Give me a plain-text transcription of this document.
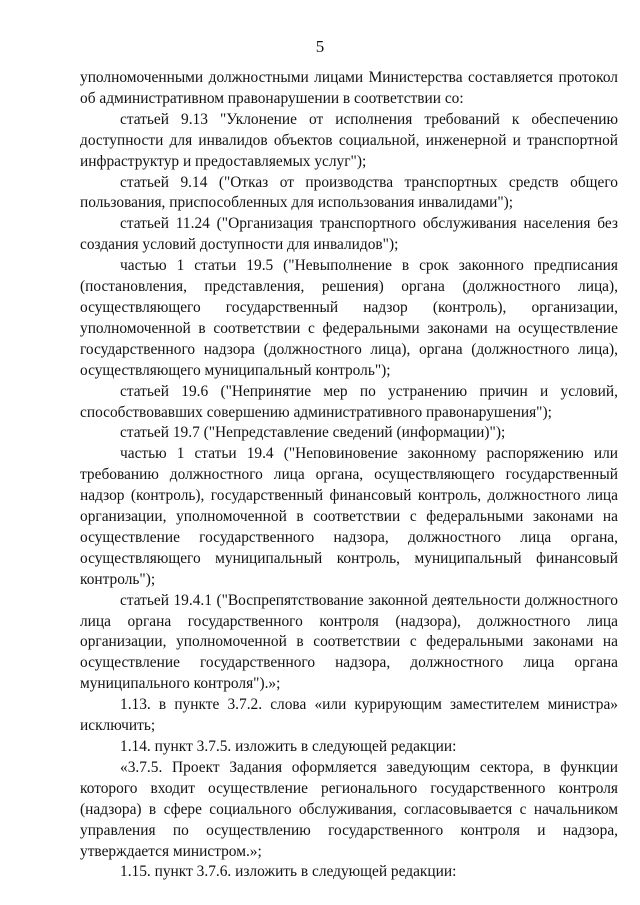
5

уполномоченными должностными лицами Министерства составляется протокол об административном правонарушении в соответствии со:

статьей 9.13 "Уклонение от исполнения требований к обеспечению доступности для инвалидов объектов социальной, инженерной и транспортной инфраструктур и предоставляемых услуг");

статьей 9.14 ("Отказ от производства транспортных средств общего пользования, приспособленных для использования инвалидами");

статьей 11.24 ("Организация транспортного обслуживания населения без создания условий доступности для инвалидов");

частью 1 статьи 19.5 ("Невыполнение в срок законного предписания (постановления, представления, решения) органа (должностного лица), осуществляющего государственный надзор (контроль), организации, уполномоченной в соответствии с федеральными законами на осуществление государственного надзора (должностного лица), органа (должностного лица), осуществляющего муниципальный контроль");

статьей 19.6 ("Непринятие мер по устранению причин и условий, способствовавших совершению административного правонарушения");

статьей 19.7 ("Непредставление сведений (информации)");

частью 1 статьи 19.4 ("Неповиновение законному распоряжению или требованию должностного лица органа, осуществляющего государственный надзор (контроль), государственный финансовый контроль, должностного лица организации, уполномоченной в соответствии с федеральными законами на осуществление государственного надзора, должностного лица органа, осуществляющего муниципальный контроль, муниципальный финансовый контроль");

статьей 19.4.1 ("Воспрепятствование законной деятельности должностного лица органа государственного контроля (надзора), должностного лица организации, уполномоченной в соответствии с федеральными законами на осуществление государственного надзора, должностного лица органа муниципального контроля").»;

1.13. в пункте 3.7.2. слова «или курирующим заместителем министра» исключить;

1.14. пункт 3.7.5. изложить в следующей редакции:

«3.7.5. Проект Задания оформляется заведующим сектора, в функции которого входит осуществление регионального государственного контроля (надзора) в сфере социального обслуживания, согласовывается с начальником управления по осуществлению государственного контроля и надзора, утверждается министром.»;

1.15. пункт 3.7.6. изложить в следующей редакции:
